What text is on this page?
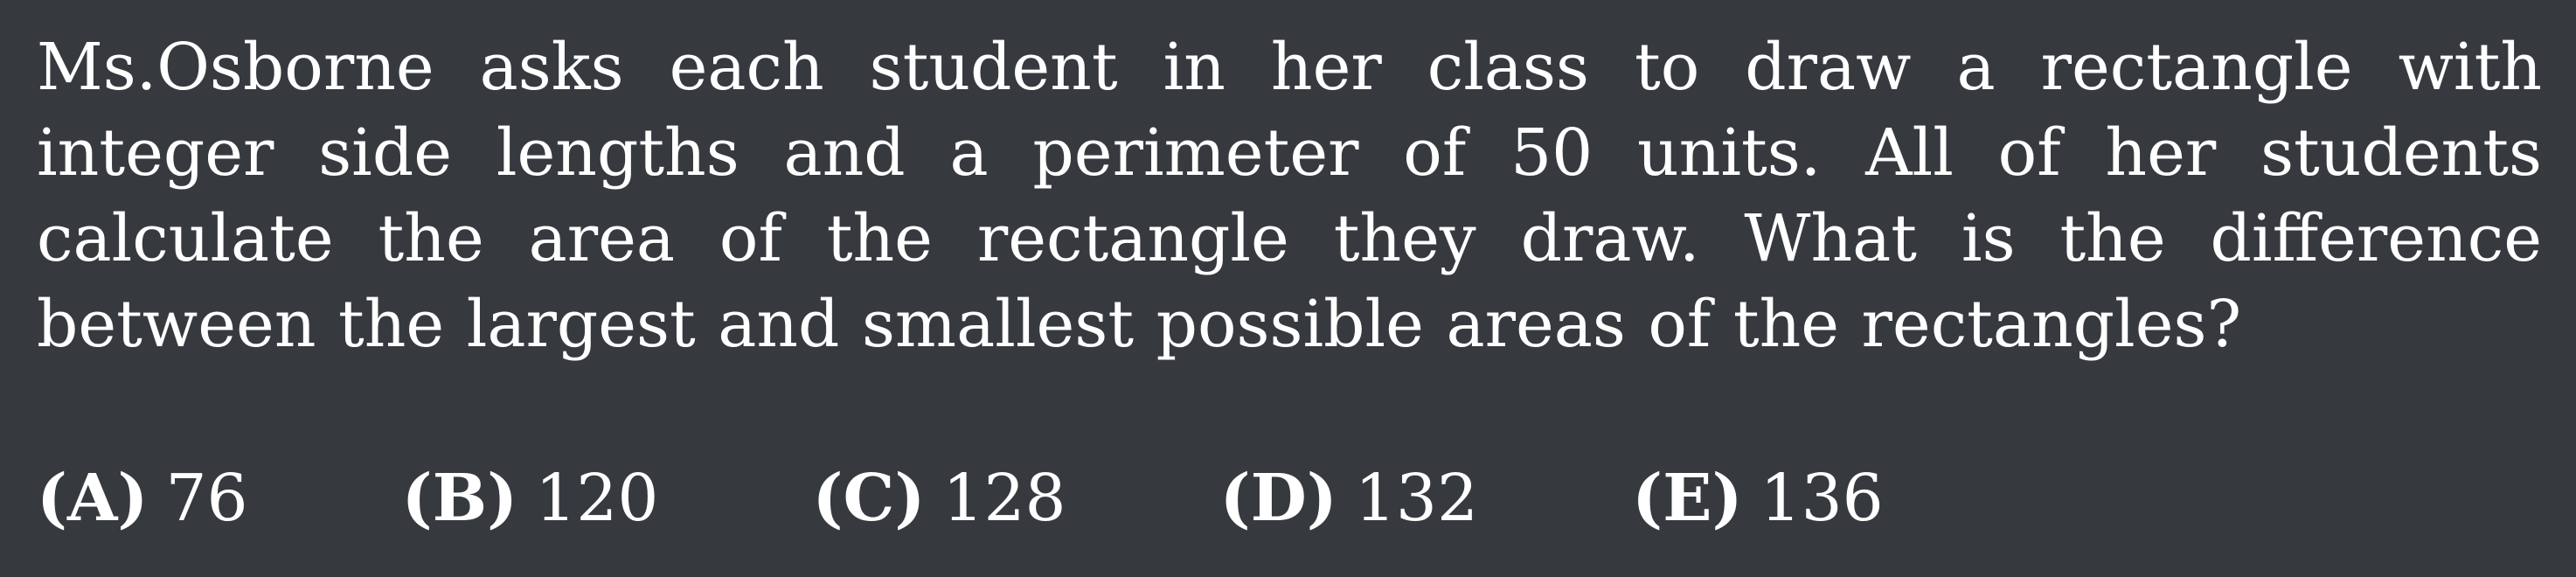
Ms.Osborne asks each student in her class to draw a rectangle with integer side lengths and a perimeter of 50 units. All of her students calculate the area of the rectangle they draw. What is the difference between the largest and smallest possible areas of the rectangles?
(A) 76 (B) 120 (C) 128 (D) 132 (E) 136
